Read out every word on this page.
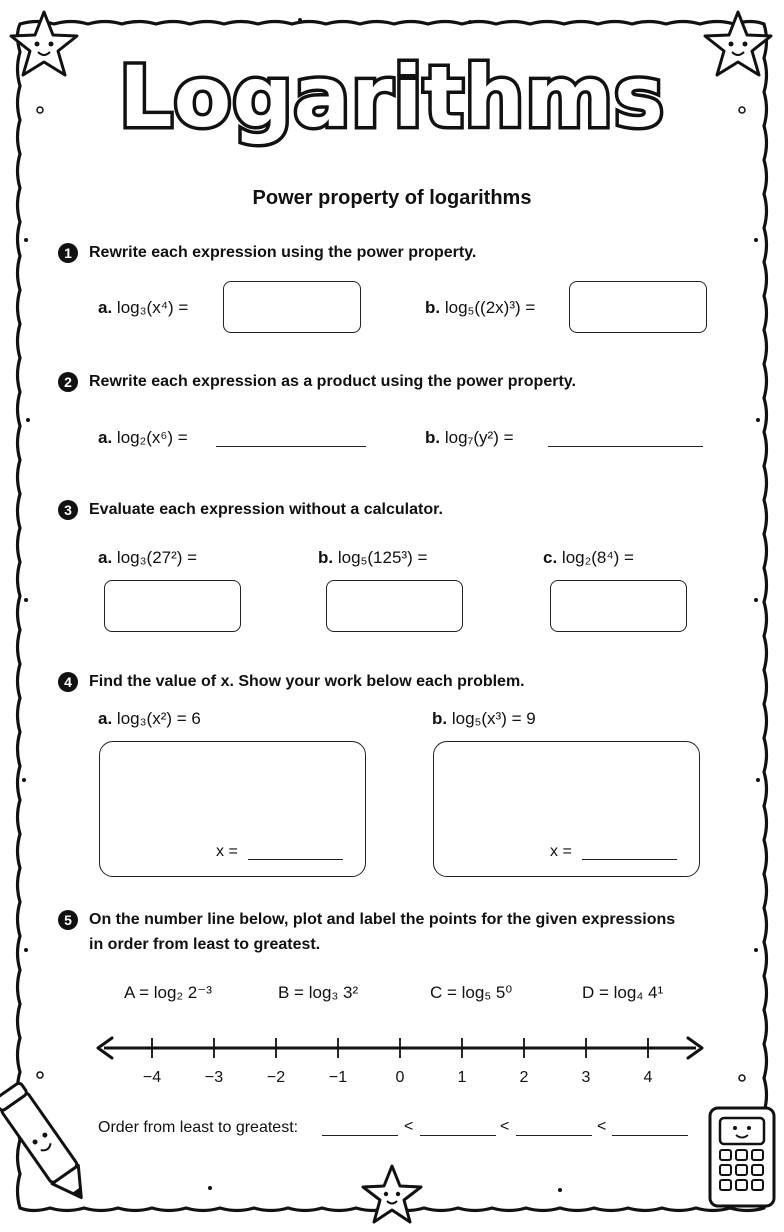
Logarithms
Power property of logarithms
1	Rewrite each expression using the power property.
a. log₃(x⁴) =	b. log₅((2x)³) =
2	Rewrite each expression as a product using the power property.
a. log₂(x⁶) =	b. log₇(y²) =
3	Evaluate each expression without a calculator.
a. log₃(27²) =	b. log₅(125³) =	c. log₂(8⁴) =
4	Find the value of x. Show your work below each problem.
a. log₃(x²) = 6
x =
b. log₅(x³) = 9
x =
5	On the number line below, plot and label the points for the given expressions
in order from least to greatest.
A = log₂ 2⁻³	B = log₃ 3²	C = log₅ 5⁰	D = log₄ 4¹
−4	−3	−2	−1	0	1	2	3	4
Order from least to greatest:	<	<	<
